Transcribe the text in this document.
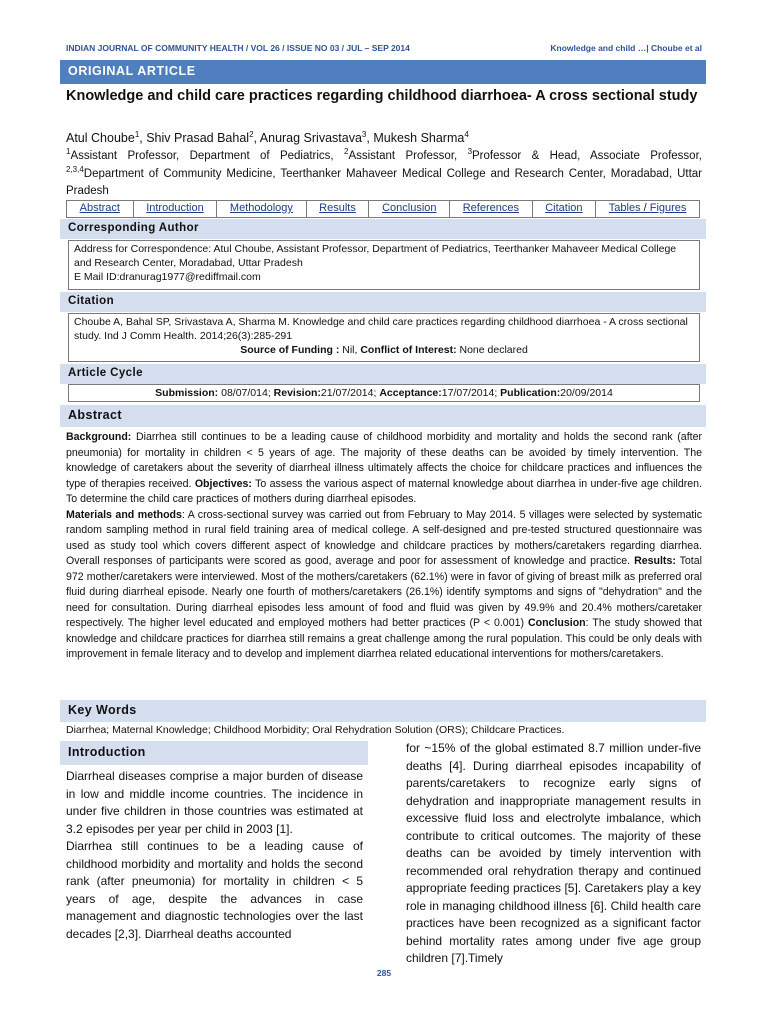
INDIAN JOURNAL OF COMMUNITY HEALTH / VOL 26 / ISSUE NO 03 / JUL – SEP 2014	Knowledge and child …| Choube et al
ORIGINAL ARTICLE
Knowledge and child care practices regarding childhood diarrhoea- A cross sectional study
Atul Choube$^1$, Shiv Prasad Bahal$^2$, Anurag Srivastava$^3$, Mukesh Sharma$^4$
$^1$Assistant Professor, Department of Pediatrics, $^2$Assistant Professor, $^3$Professor & Head, Associate Professor, $^{2,3,4}$Department of Community Medicine, Teerthanker Mahaveer Medical College and Research Center, Moradabad, Uttar Pradesh
Abstract	Introduction	Methodology	Results	Conclusion	References	Citation	Tables / Figures
Corresponding Author
Address for Correspondence: Atul Choube, Assistant Professor, Department of Pediatrics, Teerthanker Mahaveer Medical College and Research Center, Moradabad, Uttar Pradesh
E Mail ID:dranurag1977@rediffmail.com
Citation
Choube A, Bahal SP, Srivastava A, Sharma M. Knowledge and child care practices regarding childhood diarrhoea - A cross sectional study. Ind J Comm Health. 2014;26(3):285-291
Source of Funding : Nil, Conflict of Interest: None declared
Article Cycle
Submission: 08/07/014; Revision:21/07/2014; Acceptance:17/07/2014; Publication:20/09/2014
Abstract

Background: Diarrhea still continues to be a leading cause of childhood morbidity and mortality and holds the second rank (after pneumonia) for mortality in children < 5 years of age. The majority of these deaths can be avoided by timely intervention. The knowledge of caretakers about the severity of diarrheal illness ultimately affects the choice for childcare practices and influences the type of therapies received. Objectives: To assess the various aspect of maternal knowledge about diarrhea in under-five age children. To determine the child care practices of mothers during diarrheal episodes.

Materials and methods: A cross-sectional survey was carried out from February to May 2014. 5 villages were selected by systematic random sampling method in rural field training area of medical college. A self-designed and pre-tested structured questionnaire was used as study tool which covers different aspect of knowledge and childcare practices by mothers/caretakers regarding diarrhea. Overall responses of participants were scored as good, average and poor for assessment of knowledge and practice. Results: Total 972 mother/caretakers were interviewed. Most of the mothers/caretakers (62.1%) were in favor of giving of breast milk as preferred oral fluid during diarrheal episode. Nearly one fourth of mothers/caretakers (26.1%) identify symptoms and signs of "dehydration" and the need for consultation. During diarrheal episodes less amount of food and fluid was given by 49.9% and 20.4% mothers/caretaker respectively. The higher level educated and employed mothers had better practices (P < 0.001) Conclusion: The study showed that knowledge and childcare practices for diarrhea still remains a great challenge among the rural population. This could be only deals with improvement in female literacy and to develop and implement diarrhea related educational interventions for mothers/caretakers.

Key Words
Diarrhea; Maternal Knowledge; Childhood Morbidity; Oral Rehydration Solution (ORS); Childcare Practices.
Introduction

Diarrheal diseases comprise a major burden of disease in low and middle income countries. The incidence in under five children in those countries was estimated at 3.2 episodes per year per child in 2003 [1].

Diarrhea still continues to be a leading cause of childhood morbidity and mortality and holds the second rank (after pneumonia) for mortality in children < 5 years of age, despite the advances in case management and diagnostic technologies over the last decades [2,3]. Diarrheal deaths accounted

for ~15% of the global estimated 8.7 million under-five deaths [4]. During diarrheal episodes incapability of parents/caretakers to recognize early signs of dehydration and inappropriate management results in excessive fluid loss and electrolyte imbalance, which contribute to critical outcomes. The majority of these deaths can be avoided by timely intervention with recommended oral rehydration therapy and continued appropriate feeding practices [5]. Caretakers play a key role in managing childhood illness [6]. Child health care practices have been recognized as a significant factor behind mortality rates among under five age group children [7].Timely

285
